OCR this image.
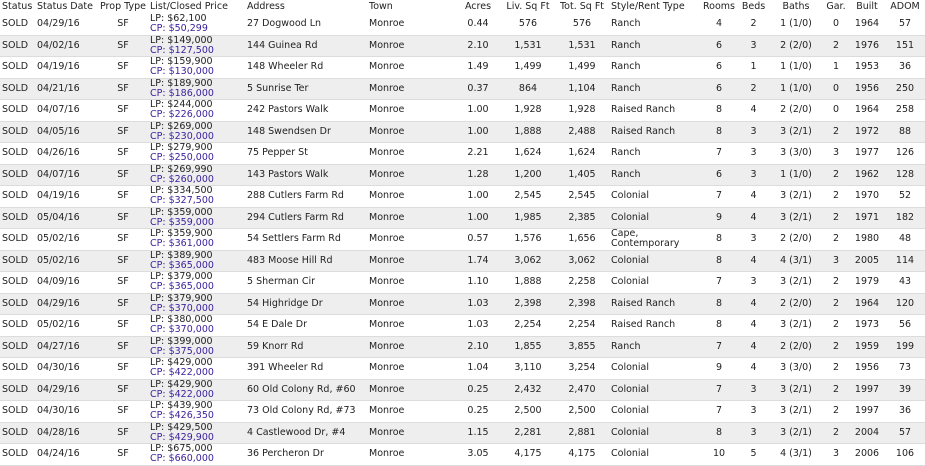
Status	Status Date	Prop Type	List/Closed Price	Address	Town	Acres	Liv. Sq Ft	Tot. Sq Ft	Style/Rent Type	Rooms	Beds	Baths	Gar.	Built	ADOM
SOLD	04/29/16	SF	LP: $62,100
CP: $50,299	27 Dogwood Ln	Monroe	0.44	576	576	Ranch	4	2	1 (1/0)	0	1964	57
SOLD	04/02/16	SF	LP: $149,000
CP: $127,500	144 Guinea Rd	Monroe	2.10	1,531	1,531	Ranch	6	3	2 (2/0)	2	1976	151
SOLD	04/19/16	SF	LP: $159,900
CP: $130,000	148 Wheeler Rd	Monroe	1.49	1,499	1,499	Ranch	6	1	1 (1/0)	1	1953	36
SOLD	04/21/16	SF	LP: $189,900
CP: $186,000	5 Sunrise Ter	Monroe	0.37	864	1,104	Ranch	6	2	1 (1/0)	0	1956	250
SOLD	04/07/16	SF	LP: $244,000
CP: $226,000	242 Pastors Walk	Monroe	1.00	1,928	1,928	Raised Ranch	8	4	2 (2/0)	0	1964	258
SOLD	04/05/16	SF	LP: $269,000
CP: $230,000	148 Swendsen Dr	Monroe	1.00	1,888	2,488	Raised Ranch	8	3	3 (2/1)	2	1972	88
SOLD	04/26/16	SF	LP: $279,900
CP: $250,000	75 Pepper St	Monroe	2.21	1,624	1,624	Ranch	7	3	3 (3/0)	3	1977	126
SOLD	04/07/16	SF	LP: $269,990
CP: $260,000	143 Pastors Walk	Monroe	1.28	1,200	1,405	Ranch	6	3	1 (1/0)	2	1962	128
SOLD	04/19/16	SF	LP: $334,500
CP: $327,500	288 Cutlers Farm Rd	Monroe	1.00	2,545	2,545	Colonial	7	4	3 (2/1)	2	1970	52
SOLD	05/04/16	SF	LP: $359,000
CP: $359,000	294 Cutlers Farm Rd	Monroe	1.00	1,985	2,385	Colonial	9	4	3 (2/1)	2	1971	182
SOLD	05/02/16	SF	LP: $359,900
CP: $361,000	54 Settlers Farm Rd	Monroe	0.57	1,576	1,656	Cape, Contemporary	8	3	2 (2/0)	2	1980	48
SOLD	05/02/16	SF	LP: $389,900
CP: $365,000	483 Moose Hill Rd	Monroe	1.74	3,062	3,062	Colonial	8	4	4 (3/1)	3	2005	114
SOLD	04/09/16	SF	LP: $379,000
CP: $365,000	5 Sherman Cir	Monroe	1.10	1,888	2,258	Colonial	7	3	3 (2/1)	2	1979	43
SOLD	04/29/16	SF	LP: $379,900
CP: $370,000	54 Highridge Dr	Monroe	1.03	2,398	2,398	Raised Ranch	8	4	2 (2/0)	2	1964	120
SOLD	05/02/16	SF	LP: $380,000
CP: $370,000	54 E Dale Dr	Monroe	1.03	2,254	2,254	Raised Ranch	8	4	3 (2/1)	2	1973	56
SOLD	04/27/16	SF	LP: $399,000
CP: $375,000	59 Knorr Rd	Monroe	2.10	1,855	3,855	Ranch	7	4	2 (2/0)	2	1959	199
SOLD	04/30/16	SF	LP: $429,000
CP: $422,000	391 Wheeler Rd	Monroe	1.04	3,110	3,254	Colonial	9	4	3 (3/0)	2	1956	73
SOLD	04/29/16	SF	LP: $429,900
CP: $422,000	60 Old Colony Rd, #60	Monroe	0.25	2,432	2,470	Colonial	7	3	3 (2/1)	2	1997	39
SOLD	04/30/16	SF	LP: $439,900
CP: $426,350	73 Old Colony Rd, #73	Monroe	0.25	2,500	2,500	Colonial	7	3	3 (2/1)	2	1997	36
SOLD	04/28/16	SF	LP: $429,500
CP: $429,900	4 Castlewood Dr, #4	Monroe	1.15	2,281	2,881	Colonial	8	3	3 (2/1)	2	2004	57
SOLD	04/24/16	SF	LP: $675,000
CP: $660,000	36 Percheron Dr	Monroe	3.05	4,175	4,175	Colonial	10	5	4 (3/1)	3	2006	106
